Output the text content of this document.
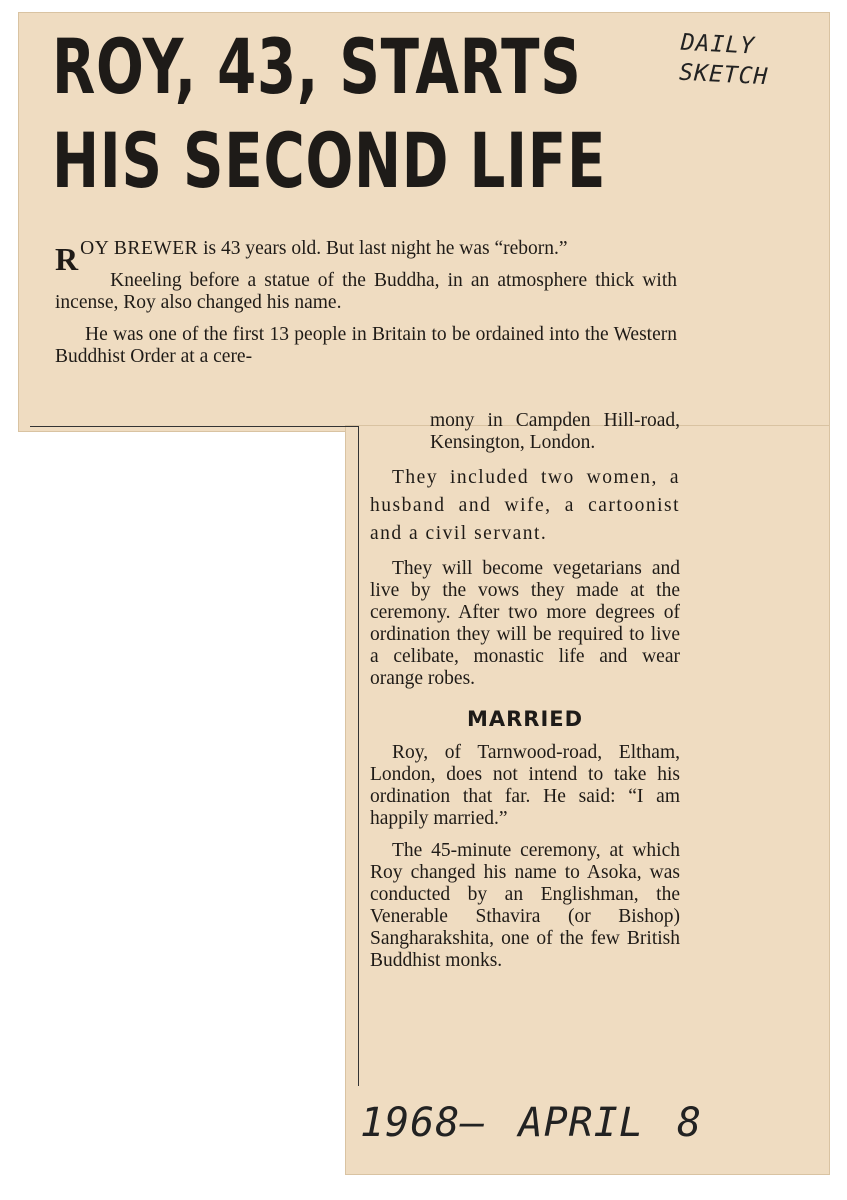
ROY, 43, STARTS
HIS SECOND LIFE
DAILY
SKETCH

ROY BREWER is 43 years old. But last night he was “reborn.”

Kneeling before a statue of the Buddha, in an atmosphere thick with incense, Roy also changed his name.

He was one of the first 13 people in Britain to be ordained into the Western Buddhist Order at a cere-

mony in Campden Hill-road, Kensington, London.

They included two women, a husband and wife, a cartoonist and a civil servant.

They will become vegetarians and live by the vows they made at the ceremony. After two more degrees of ordination they will be required to live a celibate, monastic life and wear orange robes.

MARRIED

Roy, of Tarnwood-road, Eltham, London, does not intend to take his ordination that far. He said: “I am happily married.”

The 45-minute ceremony, at which Roy changed his name to Asoka, was conducted by an Englishman, the Venerable Sthavira (or Bishop) Sangharakshita, one of the few British Buddhist monks.

1968— APRIL 8
